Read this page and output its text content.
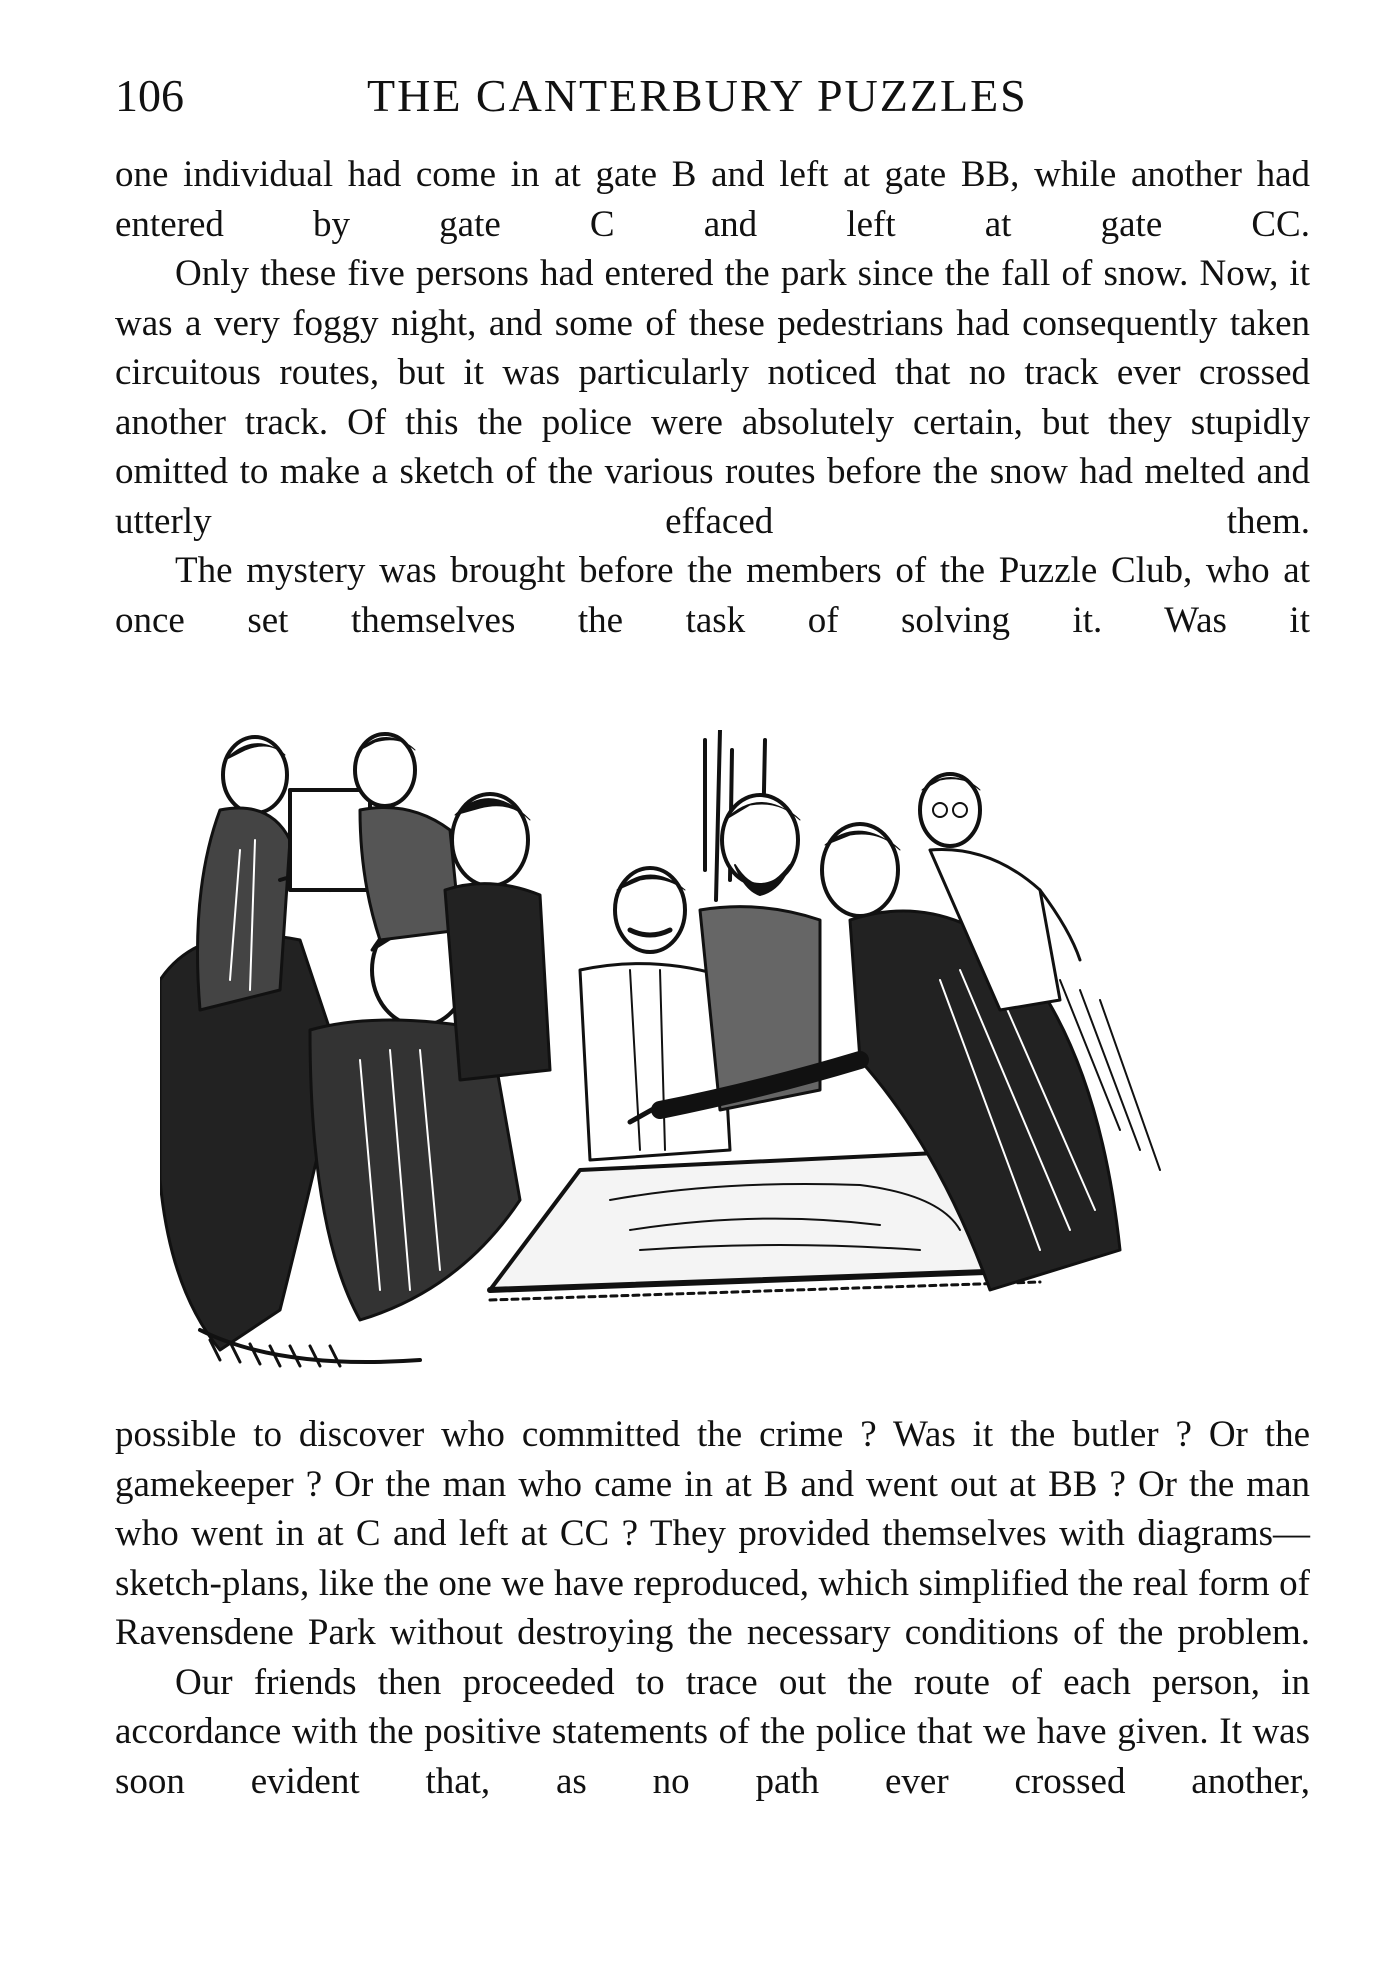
106	THE CANTERBURY PUZZLES

one individual had come in at gate B and left at gate BB, while another had entered by gate C and left at gate CC.

Only these five persons had entered the park since the fall of snow. Now, it was a very foggy night, and some of these pedestrians had consequently taken circuitous routes, but it was particularly noticed that no track ever crossed another track. Of this the police were absolutely certain, but they stupidly omitted to make a sketch of the various routes before the snow had melted and utterly effaced them.

The mystery was brought before the members of the Puzzle Club, who at once set themselves the task of solving it. Was it

possible to discover who committed the crime ? Was it the butler ? Or the gamekeeper ? Or the man who came in at B and went out at BB ? Or the man who went in at C and left at CC ? They provided themselves with diagrams—sketch-plans, like the one we have reproduced, which simplified the real form of Ravensdene Park without destroying the necessary conditions of the problem.

Our friends then proceeded to trace out the route of each person, in accordance with the positive statements of the police that we have given. It was soon evident that, as no path ever crossed another,
